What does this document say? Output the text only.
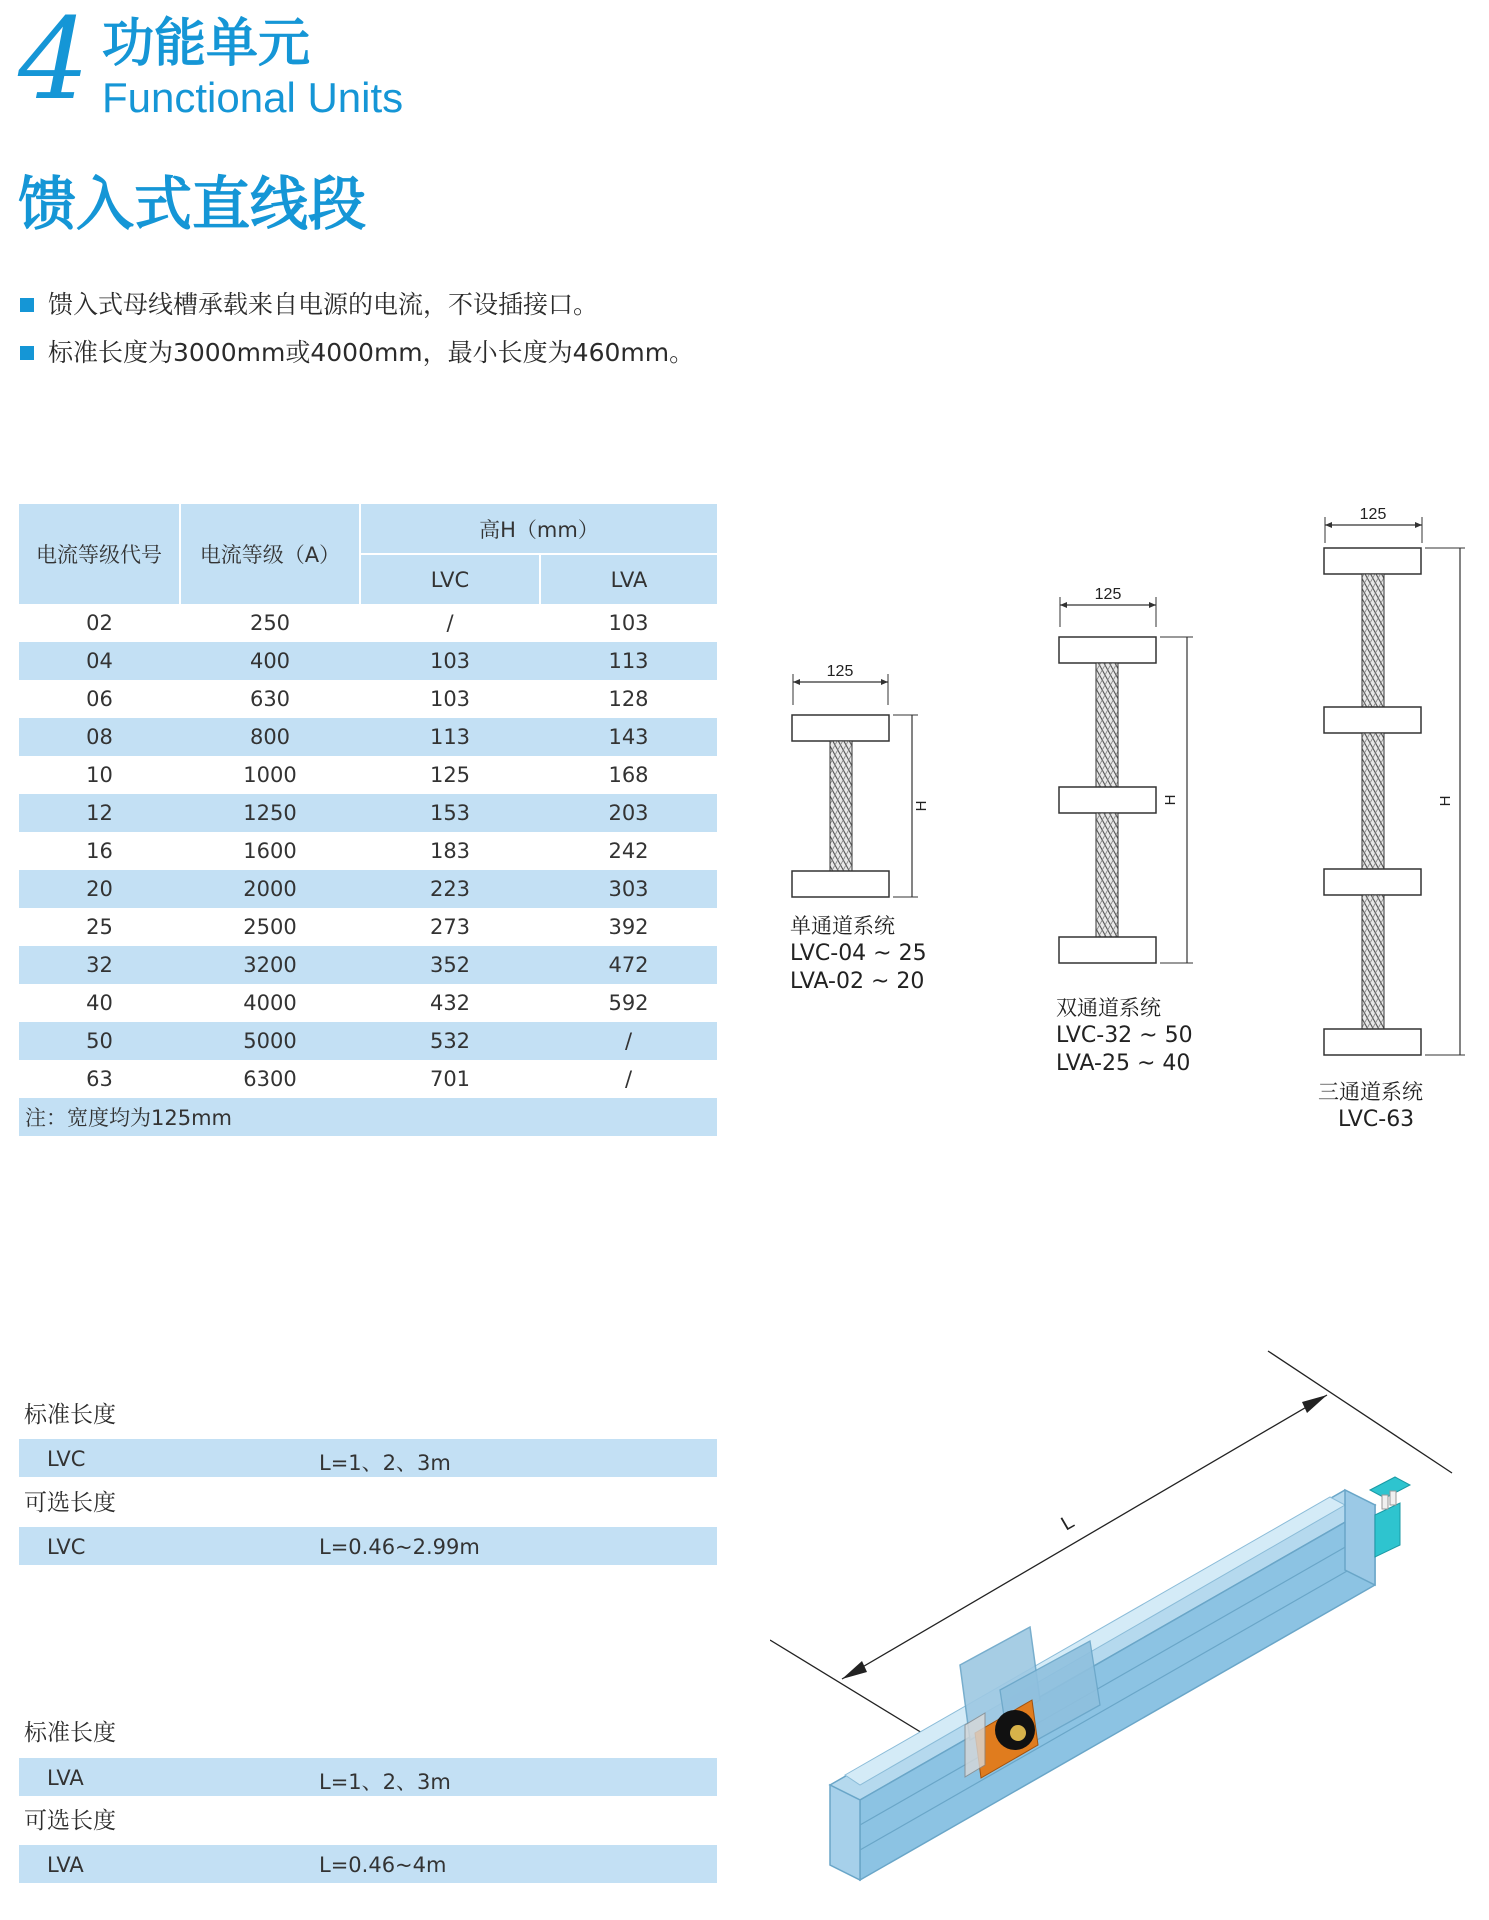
4 功能单元
Functional Units
馈入式直线段
馈入式母线槽承载来自电源的电流，不设插接口。
标准长度为3000mm或4000mm，最小长度为460mm。
电流等级代号	电流等级（A）	高H（mm）	
		LVC	LVA
02	250	/	103
04	400	103	113
06	630	103	128
08	800	113	143
10	1000	125	168
12	1250	153	203
16	1600	183	242
20	2000	223	303
25	2500	273	392
32	3200	352	472
40	4000	432	592
50	5000	532	/
63	6300	701	/
注：宽度均为125mm			
125
H
单通道系统
LVC-04 ~ 25
LVA-02 ~ 20
125
H
双通道系统
LVC-32 ~ 50
LVA-25 ~ 40
125
H
三通道系统
LVC-63
标准长度
LVC	L=1、2、3m
可选长度
LVC	L=0.46~2.99m
标准长度
LVA	L=1、2、3m
可选长度
LVA	L=0.46~4m
L
